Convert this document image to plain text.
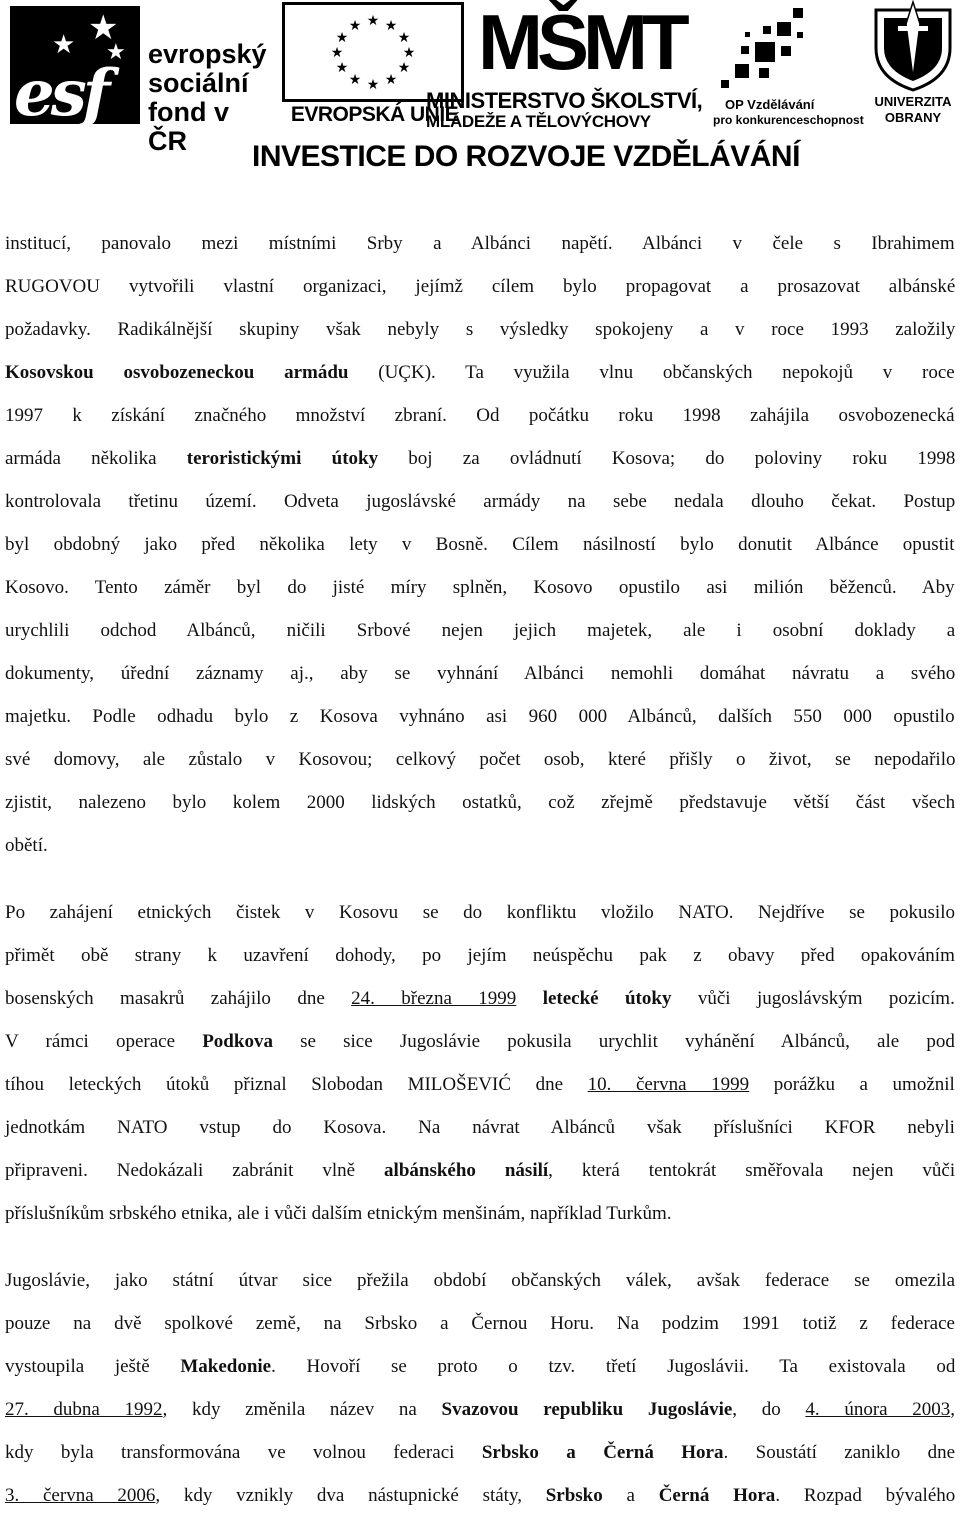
★
★ ★
esf
evropský
sociální
fond v ČR
★ ★
★
★
★
★
★
★
★
★
★
★
EVROPSKÁ UNIE
MŠMT
MINISTERSTVO ŠKOLSTVÍ,
MLÁDEŽE A TĚLOVÝCHOVY
OP Vzdělávání
pro konkurenceschopnost
UNIVERZITA
OBRANY
INVESTICE DO ROZVOJE VZDĚLÁVÁNÍ
institucí, panovalo mezi místními Srby a Albánci napětí. Albánci v čele s Ibrahimem
RUGOVOU vytvořili vlastní organizaci, jejímž cílem bylo propagovat a prosazovat albánské
požadavky. Radikálnější skupiny však nebyly s výsledky spokojeny a v roce 1993 založily
Kosovskou osvobozeneckou armádu (UÇK). Ta využila vlnu občanských nepokojů v roce
1997 k získání značného množství zbraní. Od počátku roku 1998 zahájila osvobozenecká
armáda několika teroristickými útoky boj za ovládnutí Kosova; do poloviny roku 1998
kontrolovala třetinu území. Odveta jugoslávské armády na sebe nedala dlouho čekat. Postup
byl obdobný jako před několika lety v Bosně. Cílem násilností bylo donutit Albánce opustit
Kosovo. Tento záměr byl do jisté míry splněn, Kosovo opustilo asi milión běženců. Aby
urychlili odchod Albánců, ničili Srbové nejen jejich majetek, ale i osobní doklady a
dokumenty, úřední záznamy aj., aby se vyhnání Albánci nemohli domáhat návratu a svého
majetku. Podle odhadu bylo z Kosova vyhnáno asi 960 000 Albánců, dalších 550 000 opustilo
své domovy, ale zůstalo v Kosovou; celkový počet osob, které přišly o život, se nepodařilo
zjistit, nalezeno bylo kolem 2000 lidských ostatků, což zřejmě představuje větší část všech
obětí.
Po zahájení etnických čistek v Kosovu se do konfliktu vložilo NATO. Nejdříve se pokusilo
přimět obě strany k uzavření dohody, po jejím neúspěchu pak z obavy před opakováním
bosenských masakrů zahájilo dne 24. března 1999 letecké útoky vůči jugoslávským pozicím.
V rámci operace Podkova se sice Jugoslávie pokusila urychlit vyhánění Albánců, ale pod
tíhou leteckých útoků přiznal Slobodan MILOŠEVIĆ dne 10. června 1999 porážku a umožnil
jednotkám NATO vstup do Kosova. Na návrat Albánců však příslušníci KFOR nebyli
připraveni. Nedokázali zabránit vlně albánského násilí, která tentokrát směřovala nejen vůči
příslušníkům srbského etnika, ale i vůči dalším etnickým menšinám, například Turkům.
Jugoslávie, jako státní útvar sice přežila období občanských válek, avšak federace se omezila
pouze na dvě spolkové země, na Srbsko a Černou Horu. Na podzim 1991 totiž z federace
vystoupila ještě Makedonie. Hovoří se proto o tzv. třetí Jugoslávii. Ta existovala od
27. dubna 1992, kdy změnila název na Svazovou republiku Jugoslávie, do 4. února 2003,
kdy byla transformována ve volnou federaci Srbsko a Černá Hora. Soustátí zaniklo dne
3. června 2006, kdy vznikly dva nástupnické státy, Srbsko a Černá Hora. Rozpad bývalého
